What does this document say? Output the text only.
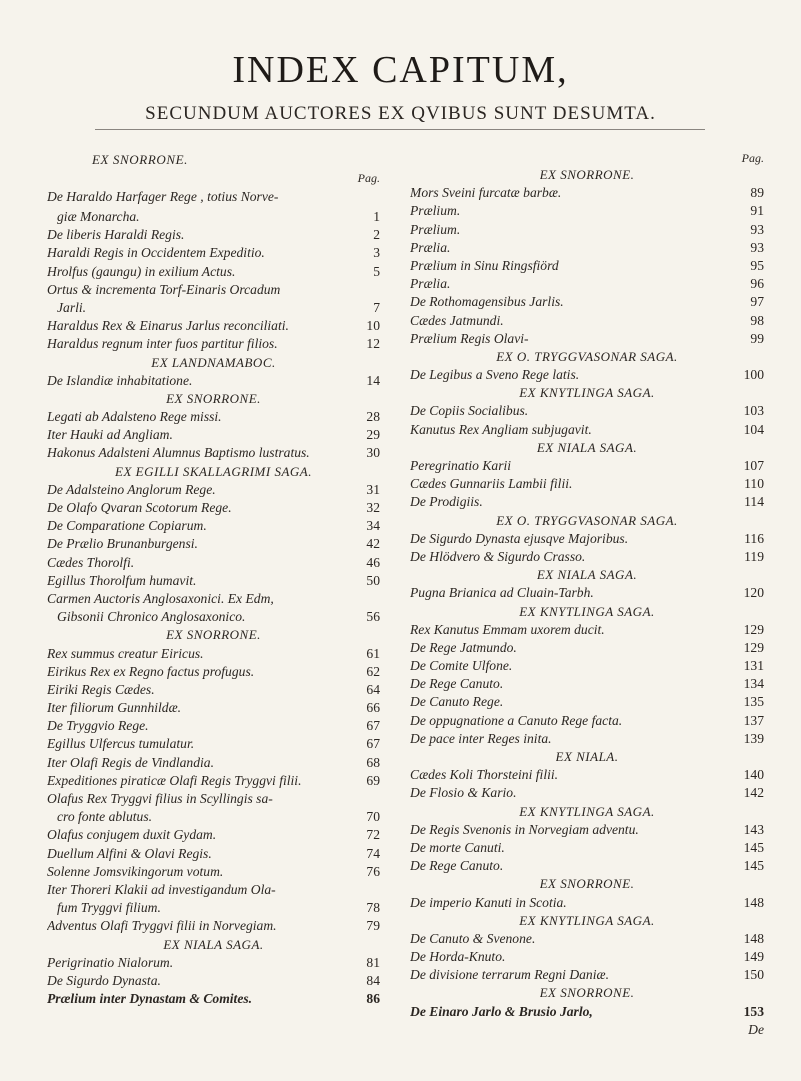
INDEX CAPITUM,
SECUNDUM AUCTORES EX QVIBUS SUNT DESUMTA.
EX SNORRONE.
Pag.
De Haraldo Harfager Rege , totius Norve-
giæ Monarcha.	1
De liberis Haraldi Regis.	2
Haraldi Regis in Occidentem Expeditio.	3
Hrolfus (gaungu) in exilium Actus.	5
Ortus & incrementa Torf-Einaris Orcadum
Jarli.	7
Haraldus Rex & Einarus Jarlus reconciliati.	10
Haraldus regnum inter fuos partitur filios.	12
EX LANDNAMABOC.
De Islandiæ inhabitatione.	14
EX SNORRONE.
Legati ab Adalsteno Rege missi.	28
Iter Hauki ad Angliam.	29
Hakonus Adalsteni Alumnus Baptismo lustratus.	30
EX EGILLI SKALLAGRIMI SAGA.
De Adalsteino Anglorum Rege.	31
De Olafo Qvaran Scotorum Rege.	32
De Comparatione Copiarum.	34
De Prælio Brunanburgensi.	42
Cædes Thorolfi.	46
Egillus Thorolfum humavit.	50
Carmen Auctoris Anglosaxonici. Ex Edm,
Gibsonii Chronico Anglosaxonico.	56
EX SNORRONE.
Rex summus creatur Eiricus.	61
Eirikus Rex ex Regno factus profugus.	62
Eiriki Regis Cædes.	64
Iter filiorum Gunnhildæ.	66
De Tryggvio Rege.	67
Egillus Ulfercus tumulatur.	67
Iter Olafi Regis de Vindlandia.	68
Expeditiones piraticæ Olafi Regis Tryggvi filii.	69
Olafus Rex Tryggvi filius in Scyllingis sa-
cro fonte ablutus.	70
Olafus conjugem duxit Gydam.	72
Duellum Alfini & Olavi Regis.	74
Solenne Jomsvikingorum votum.	76
Iter Thoreri Klakii ad investigandum Ola-
fum Tryggvi filium.	78
Adventus Olafi Tryggvi filii in Norvegiam.	79
EX NIALA SAGA.
Perigrinatio Nialorum.	81
De Sigurdo Dynasta.	84
Prælium inter Dynastam & Comites.	86
Pag.
EX SNORRONE.
Mors Sveini furcatæ barbæ.	89
Prælium.	91
Prælium.	93
Prælia.	93
Prælium in Sinu Ringsfiörd	95
Prælia.	96
De Rothomagensibus Jarlis.	97
Cædes Jatmundi.	98
Prælium Regis Olavi-	99
EX O. TRYGGVASONAR SAGA.
De Legibus a Sveno Rege latis.	100
EX KNYTLINGA SAGA.
De Copiis Socialibus.	103
Kanutus Rex Angliam subjugavit.	104
EX NIALA SAGA.
Peregrinatio Karii	107
Cædes Gunnariis Lambii filii.	110
De Prodigiis.	114
EX O. TRYGGVASONAR SAGA.
De Sigurdo Dynasta ejusqve Majoribus.	116
De Hlödvero & Sigurdo Crasso.	119
EX NIALA SAGA.
Pugna Brianica ad Cluain-Tarbh.	120
EX KNYTLINGA SAGA.
Rex Kanutus Emmam uxorem ducit.	129
De Rege Jatmundo.	129
De Comite Ulfone.	131
De Rege Canuto.	134
De Canuto Rege.	135
De oppugnatione a Canuto Rege facta.	137
De pace inter Reges inita.	139
EX NIALA.
Cædes Koli Thorsteini filii.	140
De Flosio & Kario.	142
EX KNYTLINGA SAGA.
De Regis Svenonis in Norvegiam adventu.	143
De morte Canuti.	145
De Rege Canuto.	145
EX SNORRONE.
De imperio Kanuti in Scotia.	148
EX KNYTLINGA SAGA.
De Canuto & Svenone.	148
De Horda-Knuto.	149
De divisione terrarum Regni Daniæ.	150
EX SNORRONE.
De Einaro Jarlo & Brusio Jarlo,	153
De
